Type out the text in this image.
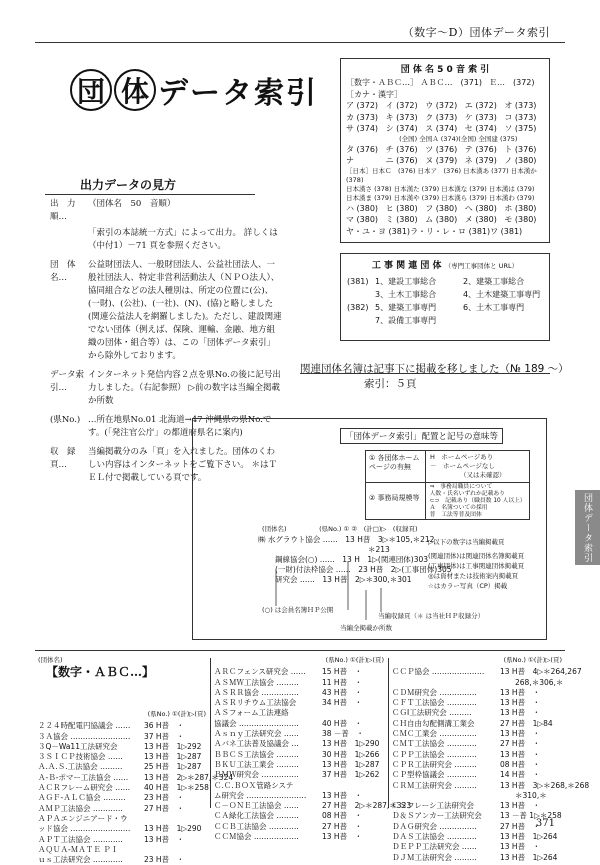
（数字～D）団体データ索引
団 体 データ索引
出力データの見方
出　力　順…（団体名　50　音順）
「索引の本誌統一方式」によって出力。 詳しくは（中付1）－71 頁を参照ください。
団　体　名…公益財団法人、一般財団法人、公益社団法人、一般社団法人、特定非営利活動法人（ＮＰＯ法人）、協同組合などの法人種別は、所定の位置に(公)、(一財)、(公社)、(一社)、(N)、(協)と略しました(関連公益法人を網羅しました)。ただし、建設関連でない団体（例えば、保険、運輸、金融、地方組織の団体・組合等）は、この「団体データ索引」から除外しております。
データ索引…インターネット発信内容２点を県No.の後に記号出力しました。（右記参照） ▷前の数字は当編全掲載か所数
(県No.) …所在地県No.01 北海道→47 沖縄県の県No.です。(「発注官公庁」の都道府県名に案内)
収　録　頁…当編掲載分のみ「頁」を入れました。団体のくわしい内容はインターネットをご覧下さい。 ＊はＴＥＬ付で掲載している頁です。
団 体 名 5 0 音 索 引
［数字・ＡＢＣ…］ ＡＢＣ…　(371) Ｅ…　(372)
［カナ・漢字］
ア (372) イ (372) ウ (372) エ (372) オ (373)
カ (373) キ (373) ク (373) ケ (373) コ (373)
サ (374) シ (374) ス (374) セ (374) ソ (375)
(全国) 全国Ａ (374) (全国) 全国建 (375)
タ (376) チ (376) ツ (376) テ (376) ト (376)
ナ	ニ (376) ヌ (379) ネ (379) ノ (380)
［日本］日本Ｃ　(376) 日本ア　(376) 日本漢あ (377) 日本漢か (378)
日本漢さ (378) 日本漢た (379) 日本漢な (379) 日本漢は (379)
日本漢ま (379) 日本漢や (379) 日本漢ら (379) 日本漢わ (379)
ハ (380) ヒ (380) フ (380) ヘ (380) ホ (380)
マ (380) ミ (380) ム (380) メ (380) モ (380)
ヤ・ユ・ヨ (381) ラ・リ・レ・ロ (381) ワ (381)
工 事 関 連 団 体 （専門工事団体と URL）
(381) 1、建設工事総合	2、建築工事総合
3、土木工事総合	4、土木建築工事専門
(382) 5、建築工事専門	6、土木工事専門
7、設備工事専門
関連団体名簿は記事下に掲載を移しました（№ 189 ～）
索引：５頁
「団体データ索引」配置と記号の意味等
① 各団体ホーム ページの有無
H　ホームページあり
－　ホームページなし
（又は未確認）
② 事務局規模等
⇒　事務局職員について
人数・氏名いずれか記載あり
⊂⊃　記載あり（職員数 10 人以上）
Ａ　名簿ついての採用
普　工法等普及団体
(団体名)　　　　　(県No.) ① ②　(計□)▷　(収録頁)
㈱ 水グラウト協会 ……　13 H普　3▷＊105,＊212
＊213
鋼線協会(○) ……　13 H　1▷(関連団体)303
(一財)付法枠協会 ……　23 H普　2▷(工事団体)305
研究会 ……　13 H普　2▷＊300,＊301
▷以下の数字は当編掲載頁
(関連団体)は関連団体名簿掲載頁
(工事団体)は工事関連団体掲載頁
◎は資材または技術案内掲載頁
☆はカラー写真（CP）掲載
(○) は会員名簿ＨＰ公開
当編収録頁（＊ は当社ＨＰ収録分）
当編全掲載か所数
団体データ索引
(県No.) ①(計)▷(頁)
【数字・ＡＢＣ…】
(団体名)
２２４時配電円協議会 ……	36 H普　・
３Ａ協会 ……………………	37 H普　・
３Q－Wa11工法研究会	13 H普　1▷292
３ＳＩＣＰ技術協会 ……	13 H普　1▷287
Ａ.Ａ.Ｓ.工法協会 ………	25 H普　1▷287
Ａ-Ｂ-ポマー工法協会 ……	13 H普　2▷＊287,＊324
ＡＣＲフレーム研究会 ……	40 H普　1▷＊258
ＡＧＦ-ＡＬＣ協会 ………	23 H普　・
ＡＭＰ工法協会 …………	27 H普　・
ＡＰＡエンジニアード・ウ
ッド協会 ……………………	13 H普　1▷290
ＡＰＴ工法協会 …………	13 H普　・
ＡＱＵＡ-ＭＡＴＥ ＰＩ
ｕｓ工法研究会 …………	23 H普　・
(県No.) ①(計)▷(頁)
ＡＲＣフェンス研究会 ……	15 H普　・
ＡＳＭＷ工法協会 ………	11 H普　・
ＡＳＲＲ協会 ……………	43 H普　・
ＡＳＲリチウム工法協会	34 H普　・
ＡＳフォーム工法連絡
協議会 ……………………	40 H普　・
Ａｓｎｙ工法研究会 ……	38 －普　・
Ａバネ工法普及協議会 …	13 H普　1▷290
ＢＢＣＳ工法協会 ………	30 H普　1▷266
ＢＫＵ工法工業会 ………	13 H普　1▷287
ＢＭＷ研究会 ……………	37 H普　1▷262
Ｃ.Ｃ.ＢＯＸ管路システ
ム研究会 ……………………	13 H普　・
Ｃ－ＯＮＥ工法協会 ……	27 H普　2▷＊287,＊323
ＣＡ緑化工法協会 ………	08 H普　・
ＣＣＢ工法協会 …………	27 H普　・
ＣＣＭ協会 ………………	13 H普　・
(県No.) ①(計)▷(頁)
ＣＣＰ協会 …………………	13 H普　4▷＊264,267
　　268,＊306,＊
ＣＤＭ研究会 ……………	13 H普　・
ＣＦＴ工法協会 …………	13 H普　・
ＣＧⅠ工法研究会 ………	13 H普　・
ＣＨ自由勾配側溝工業会	27 H普　1▷84
ＣＭＣ工業会 ……………	13 H普　・
ＣＭＴ工法協会 …………	27 H普　・
ＣＰＰ工法協会 …………	13 H普　・
ＣＰＲ工法研究会 ………	08 H普　・
ＣＰ型枠協議会 …………	14 H普　・
ＣＲＭ工法研究会 ………	13 H普　3▷＊268,＊268
　　＊310,＊
ＣＳフレーシ工法研究会	13 H普　・
Ｄ＆Ｓアンカー工法研究会	13 －普 1▷＊258
ＤＡＧ研究会 ……………	27 H普　・
ＤＡＳ工法協会 …………	13 H普　1▷264
ＤＥＰＰ工法研究会 ……	13 H普　・
ＤＪＭ工法研究会 ………	13 H普　1▷264
371
